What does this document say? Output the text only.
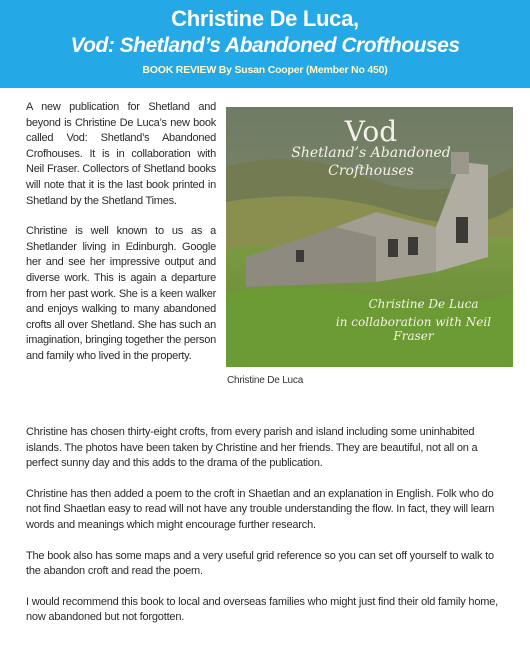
Christine De Luca,
Vod: Shetland’s Abandoned Crofthouses
BOOK REVIEW By Susan Cooper (Member No 450)

A new publication for Shetland and beyond is Christine De Luca’s new book called Vod: Shetland’s Abandoned Crofhouses. It is in collaboration with Neil Fraser. Collectors of Shetland books will note that it is the last book printed in Shetland by the Shetland Times.

Christine is well known to us as a Shetlander living in Edinburgh. Google her and see her impressive output and diverse work. This is again a departure from her past work. She is a keen walker and enjoys walking to many abandoned crofts all over Shetland. She has such an imagination, bringing together the person and family who lived in the property.

Vod
Shetland’s Abandoned
Crofthouses
Christine De Luca
in collaboration with Neil Fraser
Christine De Luca

Christine has chosen thirty-eight crofts, from every parish and island including some uninhabited islands. The photos have been taken by Christine and her friends. They are beautiful, not all on a perfect sunny day and this adds to the drama of the publication.

Christine has then added a poem to the croft in Shaetlan and an explanation in English. Folk who do not find Shaetlan easy to read will not have any trouble understanding the flow. In fact, they will learn words and meanings which might encourage further research.

The book also has some maps and a very useful grid reference so you can set off yourself to walk to the abandon croft and read the poem.

I would recommend this book to local and overseas families who might just find their old family home, now abandoned but not forgotten.
